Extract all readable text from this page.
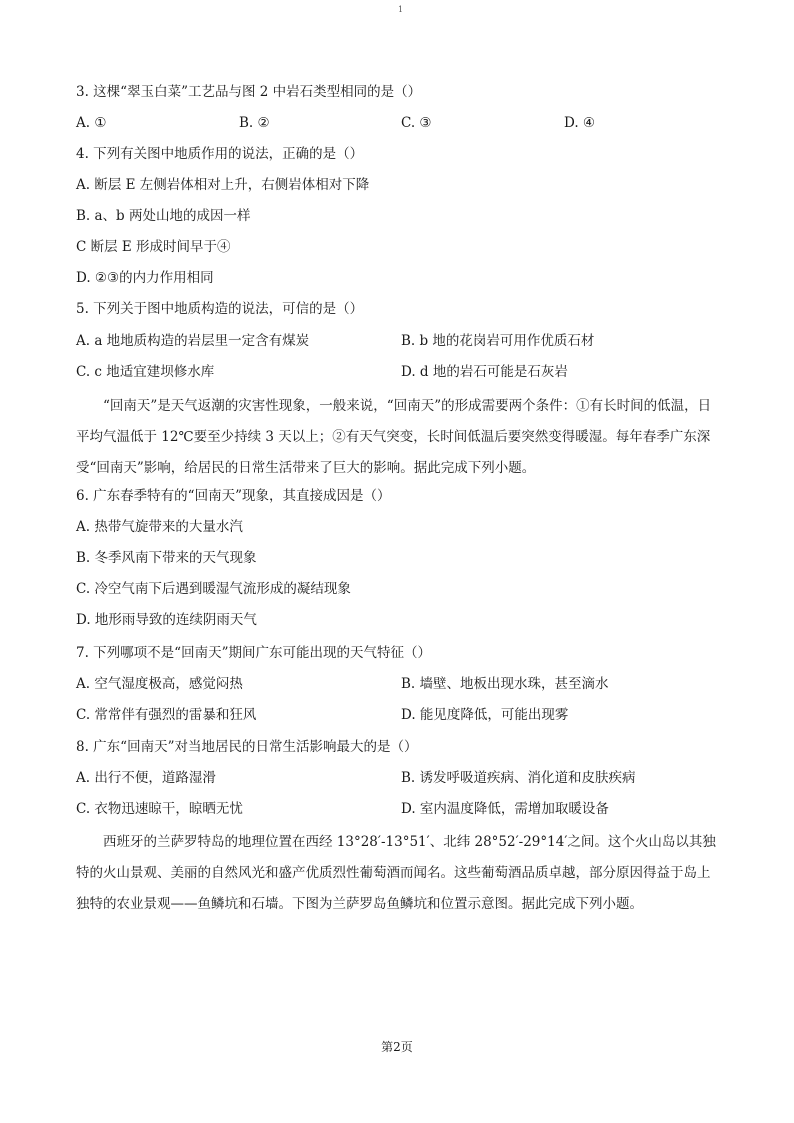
1
3. 这棵“翠玉白菜”工艺品与图 2 中岩石类型相同的是（）
A. ①	B. ②	C. ③	D. ④
4. 下列有关图中地质作用的说法，正确的是（）
A. 断层 E 左侧岩体相对上升，右侧岩体相对下降
B. a、b 两处山地的成因一样
C 断层 E 形成时间早于④
D. ②③的内力作用相同
5. 下列关于图中地质构造的说法，可信的是（）
A. a 地地质构造的岩层里一定含有煤炭	B. b 地的花岗岩可用作优质石材
C. c 地适宜建坝修水库	D. d 地的岩石可能是石灰岩

“回南天”是天气返潮的灾害性现象，一般来说，“回南天”的形成需要两个条件：①有长时间的低温，日平均气温低于 12℃要至少持续 3 天以上；②有天气突变，长时间低温后要突然变得暖湿。每年春季广东深受“回南天”影响，给居民的日常生活带来了巨大的影响。据此完成下列小题。

6. 广东春季特有的“回南天”现象，其直接成因是（）
A. 热带气旋带来的大量水汽
B. 冬季风南下带来的天气现象
C. 冷空气南下后遇到暖湿气流形成的凝结现象
D. 地形雨导致的连续阴雨天气
7. 下列哪项不是“回南天”期间广东可能出现的天气特征（）
A. 空气湿度极高，感觉闷热	B. 墙壁、地板出现水珠，甚至滴水
C. 常常伴有强烈的雷暴和狂风	D. 能见度降低，可能出现雾
8. 广东“回南天”对当地居民的日常生活影响最大的是（）
A. 出行不便，道路湿滑	B. 诱发呼吸道疾病、消化道和皮肤疾病
C. 衣物迅速晾干，晾晒无忧	D. 室内温度降低，需增加取暖设备

西班牙的兰萨罗特岛的地理位置在西经 13°28′-13°51′、北纬 28°52′-29°14′之间。这个火山岛以其独特的火山景观、美丽的自然风光和盛产优质烈性葡萄酒而闻名。这些葡萄酒品质卓越，部分原因得益于岛上独特的农业景观——鱼鳞坑和石墙。下图为兰萨罗岛鱼鳞坑和位置示意图。据此完成下列小题。

第2页
